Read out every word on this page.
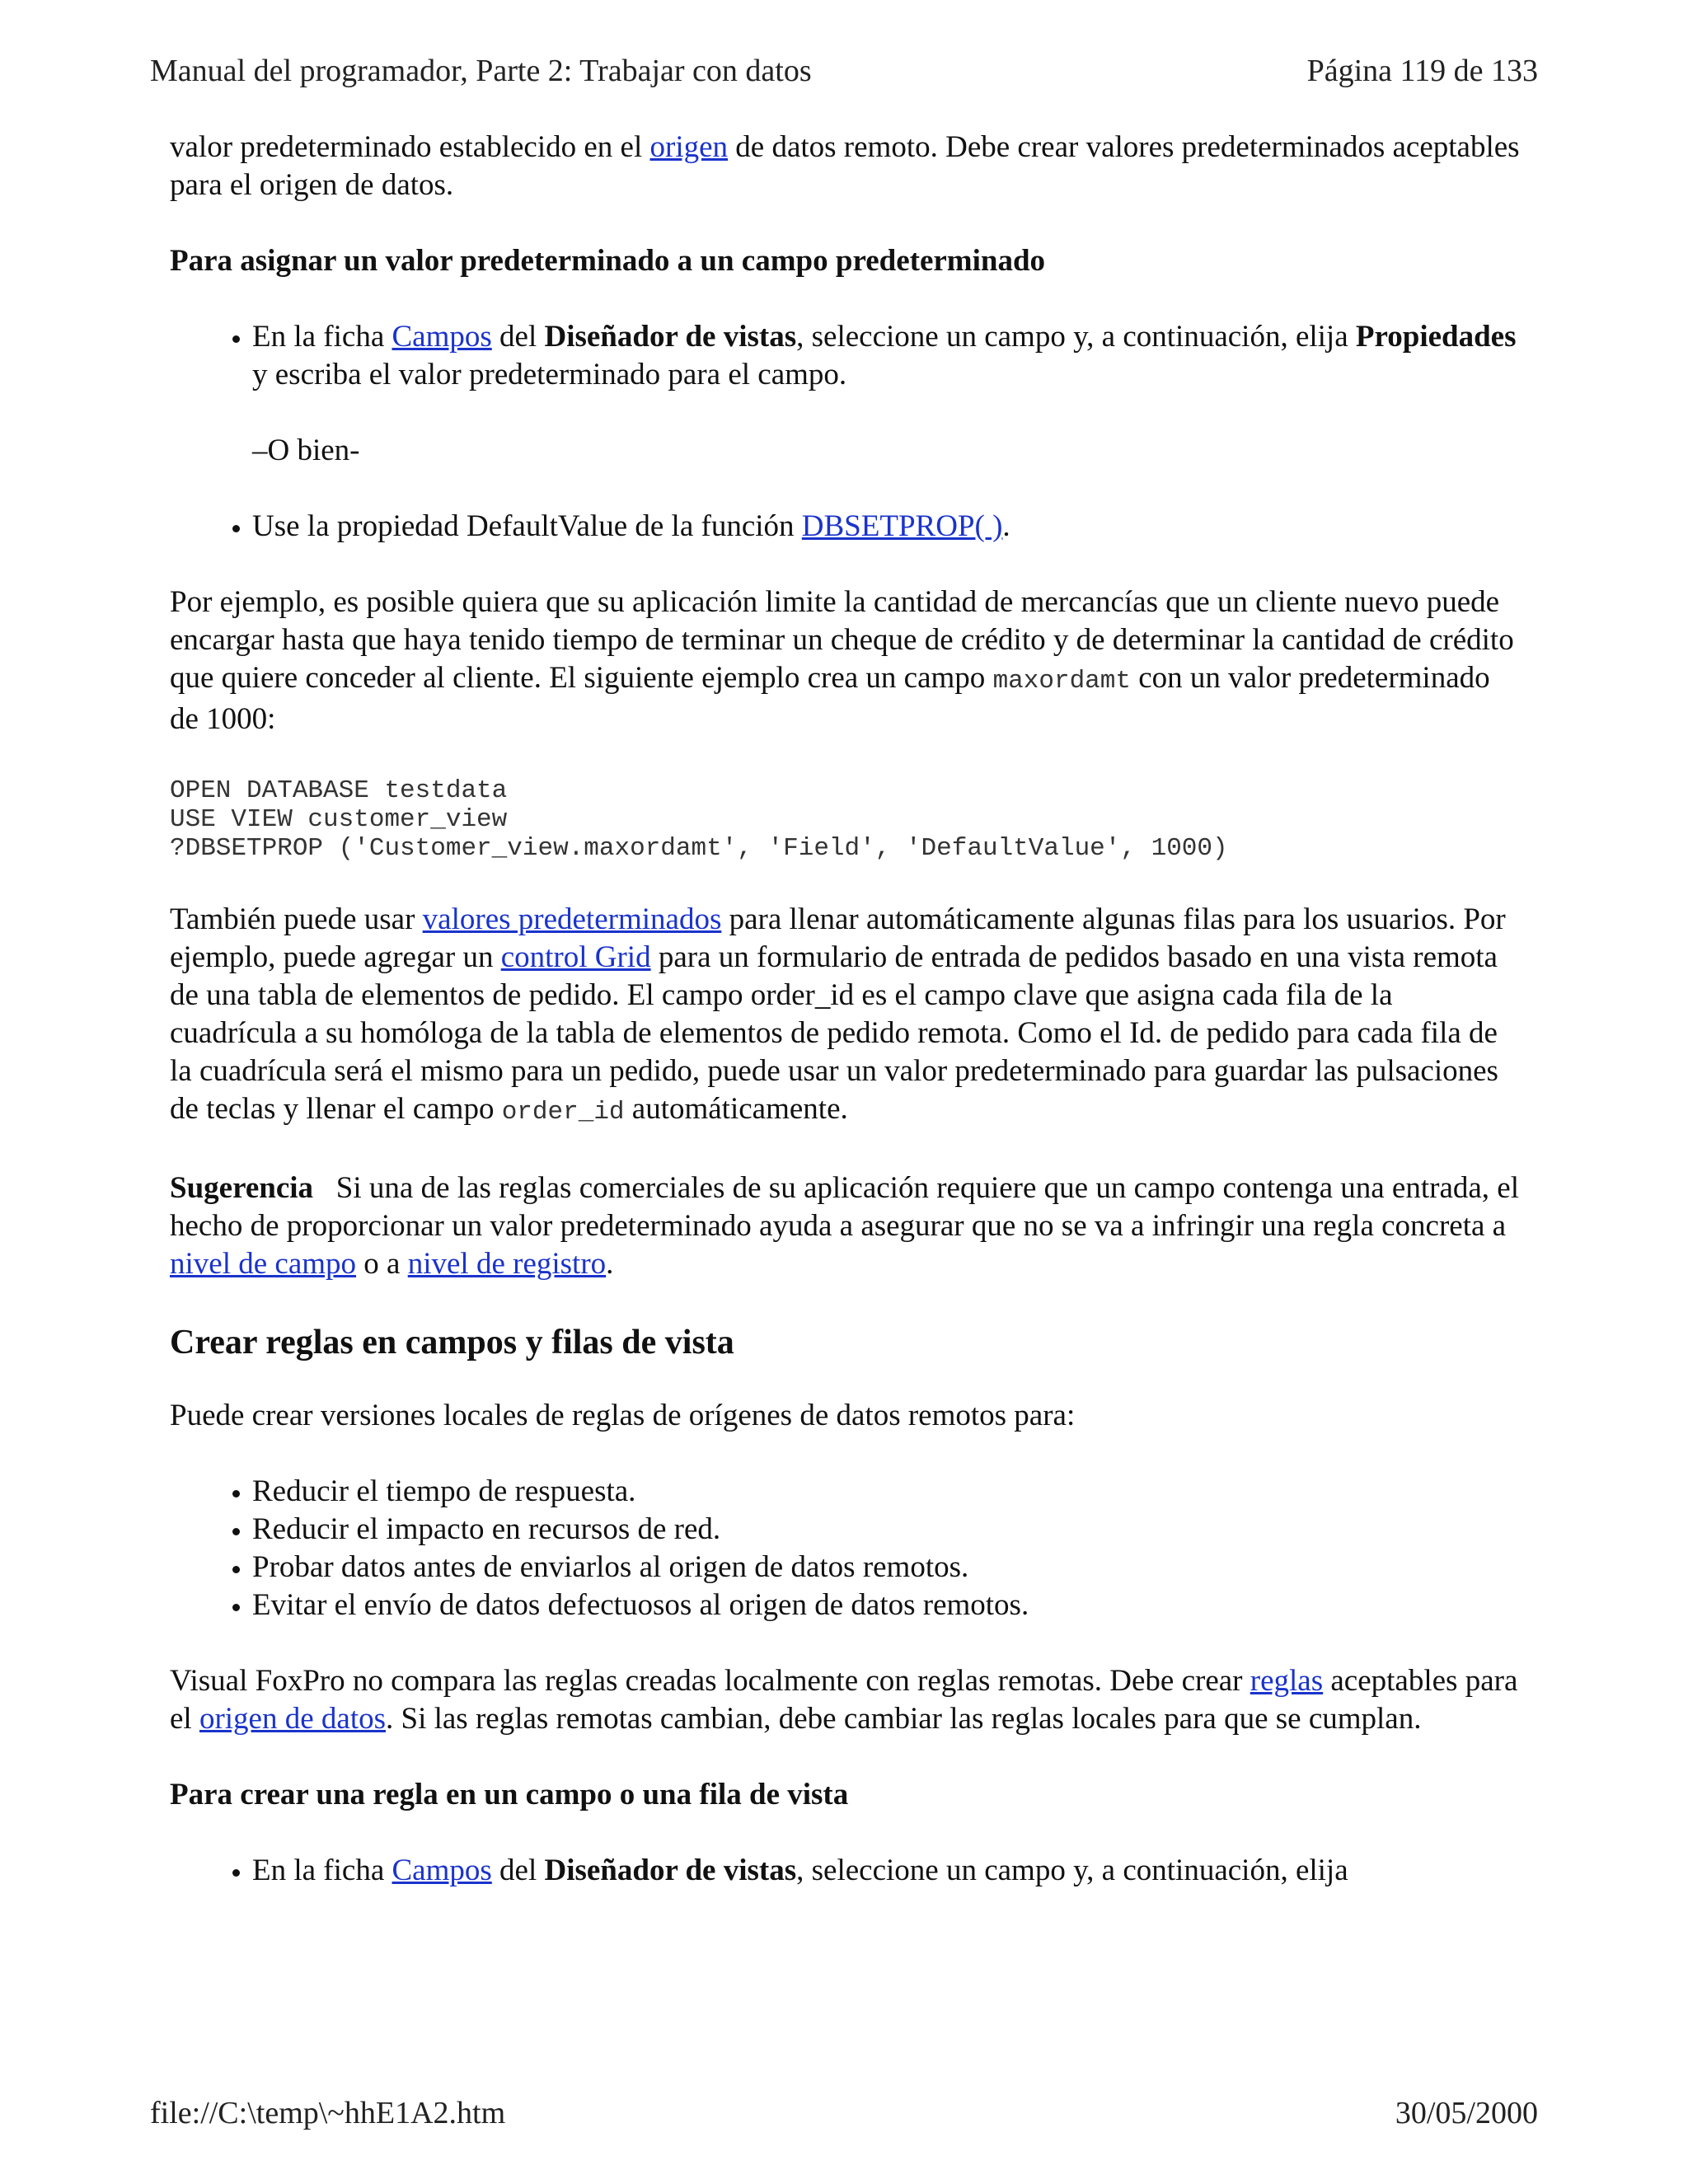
Manual del programador, Parte 2: Trabajar con datos	Página 119 de 133

valor predeterminado establecido en el origen de datos remoto. Debe crear valores predeterminados aceptables para el origen de datos.

Para asignar un valor predeterminado a un campo predeterminado
• En la ficha Campos del Diseñador de vistas, seleccione un campo y, a continuación, elija Propiedades y escriba el valor predeterminado para el campo.
–O bien-
• Use la propiedad DefaultValue de la función DBSETPROP( ).

Por ejemplo, es posible quiera que su aplicación limite la cantidad de mercancías que un cliente nuevo puede encargar hasta que haya tenido tiempo de terminar un cheque de crédito y de determinar la cantidad de crédito que quiere conceder al cliente. El siguiente ejemplo crea un campo maxordamt con un valor predeterminado de 1000:

OPEN DATABASE testdata
USE VIEW customer_view
?DBSETPROP ('Customer_view.maxordamt', 'Field', 'DefaultValue', 1000)

También puede usar valores predeterminados para llenar automáticamente algunas filas para los usuarios. Por ejemplo, puede agregar un control Grid para un formulario de entrada de pedidos basado en una vista remota de una tabla de elementos de pedido. El campo order_id es el campo clave que asigna cada fila de la cuadrícula a su homóloga de la tabla de elementos de pedido remota. Como el Id. de pedido para cada fila de la cuadrícula será el mismo para un pedido, puede usar un valor predeterminado para guardar las pulsaciones de teclas y llenar el campo order_id automáticamente.

Sugerencia   Si una de las reglas comerciales de su aplicación requiere que un campo contenga una entrada, el hecho de proporcionar un valor predeterminado ayuda a asegurar que no se va a infringir una regla concreta a nivel de campo o a nivel de registro.

Crear reglas en campos y filas de vista

Puede crear versiones locales de reglas de orígenes de datos remotos para:

• Reducir el tiempo de respuesta.
• Reducir el impacto en recursos de red.
• Probar datos antes de enviarlos al origen de datos remotos.
• Evitar el envío de datos defectuosos al origen de datos remotos.

Visual FoxPro no compara las reglas creadas localmente con reglas remotas. Debe crear reglas aceptables para el origen de datos. Si las reglas remotas cambian, debe cambiar las reglas locales para que se cumplan.

Para crear una regla en un campo o una fila de vista
• En la ficha Campos del Diseñador de vistas, seleccione un campo y, a continuación, elija
file://C:\temp\~hhE1A2.htm	30/05/2000
